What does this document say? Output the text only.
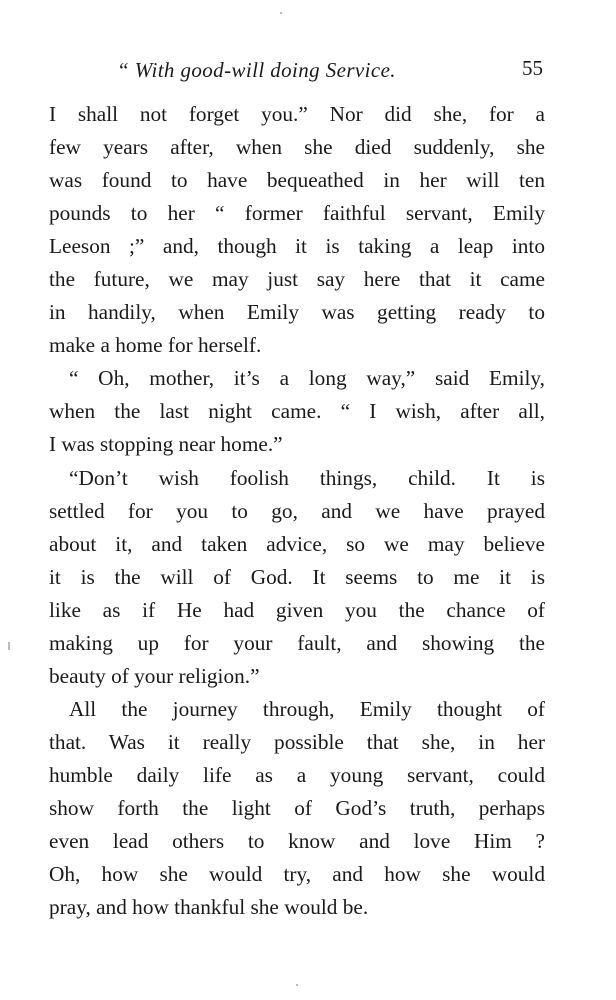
“ With good-will doing Service.	55

I shall not forget you.” Nor did she, for a
few years after, when she died suddenly, she
was found to have bequeathed in her will ten
pounds to her “ former faithful servant, Emily
Leeson ;” and, though it is taking a leap into
the future, we may just say here that it came
in handily, when Emily was getting ready to
make a home for herself.

“ Oh, mother, it’s a long way,” said Emily,
when the last night came. “ I wish, after all,
I was stopping near home.”

“Don’t wish foolish things, child. It is
settled for you to go, and we have prayed
about it, and taken advice, so we may believe
it is the will of God. It seems to me it is
like as if He had given you the chance of
making up for your fault, and showing the
beauty of your religion.”

All the journey through, Emily thought of
that. Was it really possible that she, in her
humble daily life as a young servant, could
show forth the light of God’s truth, perhaps
even lead others to know and love Him ?
Oh, how she would try, and how she would
pray, and how thankful she would be.
